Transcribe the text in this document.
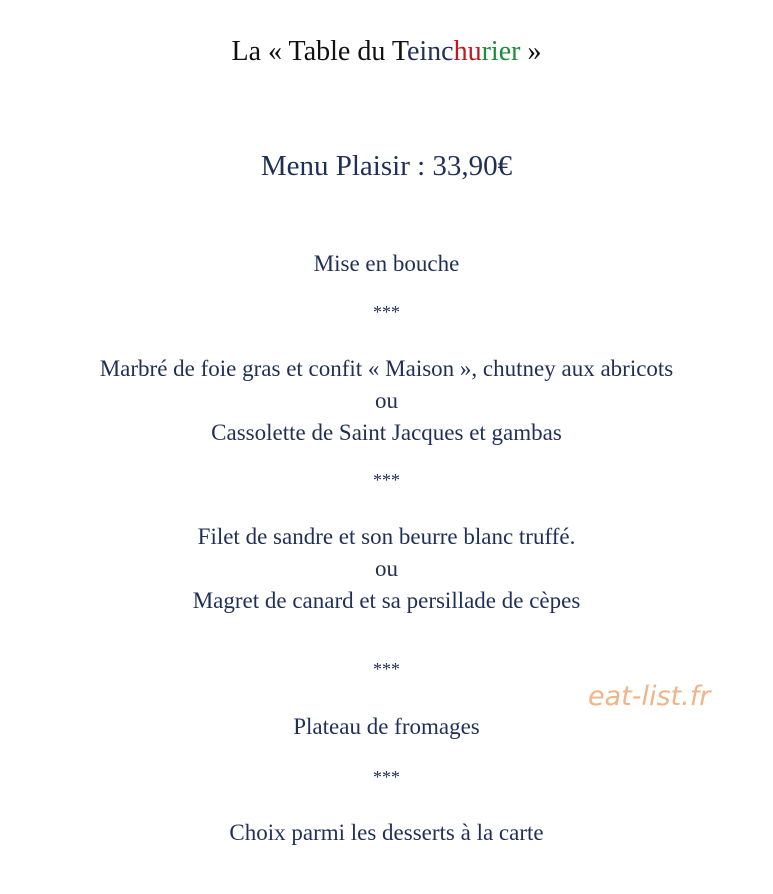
La « Table du Teinchurier »
Menu Plaisir : 33,90€
Mise en bouche
***
Marbré de foie gras et confit « Maison », chutney aux abricots
ou
Cassolette de Saint Jacques et gambas
***
Filet de sandre et son beurre blanc truffé.
ou
Magret de canard et sa persillade de cèpes
***
Plateau de fromages
***
Choix parmi les desserts à la carte
eat-list.fr
